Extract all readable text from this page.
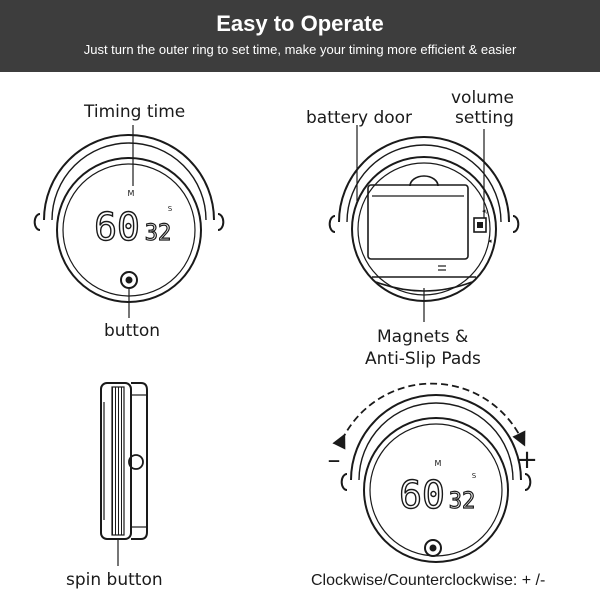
Easy to Operate
Just turn the outer ring to set time, make your timing more efficient & easier
M
S
60 32
◂)
◂
M
S
60 32
–	+
Timing time
button
battery door
volume
setting
Magnets &
Anti-Slip Pads
spin button	Clockwise/Counterclockwise: + /-
